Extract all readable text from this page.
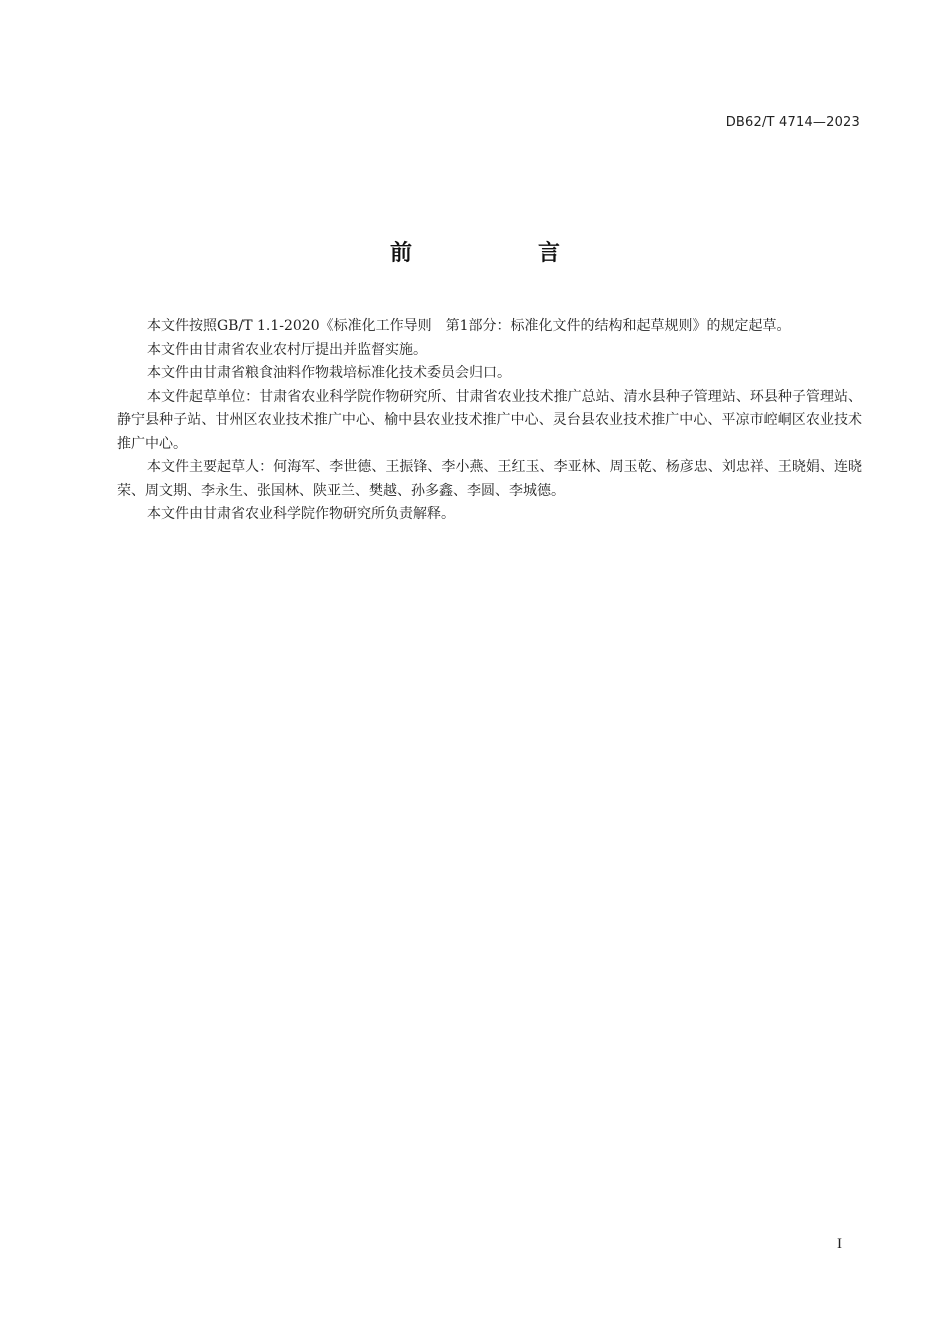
DB62/T 4714—2023
前　言

本文件按照GB/T 1.1-2020《标准化工作导则　第1部分：标准化文件的结构和起草规则》的规定起草。

本文件由甘肃省农业农村厅提出并监督实施。

本文件由甘肃省粮食油料作物栽培标准化技术委员会归口。

本文件起草单位：甘肃省农业科学院作物研究所、甘肃省农业技术推广总站、清水县种子管理站、环县种子管理站、静宁县种子站、甘州区农业技术推广中心、榆中县农业技术推广中心、灵台县农业技术推广中心、平凉市崆峒区农业技术推广中心。

本文件主要起草人：何海军、李世德、王振锋、李小燕、王红玉、李亚林、周玉乾、杨彦忠、刘忠祥、王晓娟、连晓荣、周文期、李永生、张国林、陕亚兰、樊越、孙多鑫、李圆、李城德。

本文件由甘肃省农业科学院作物研究所负责解释。

I
